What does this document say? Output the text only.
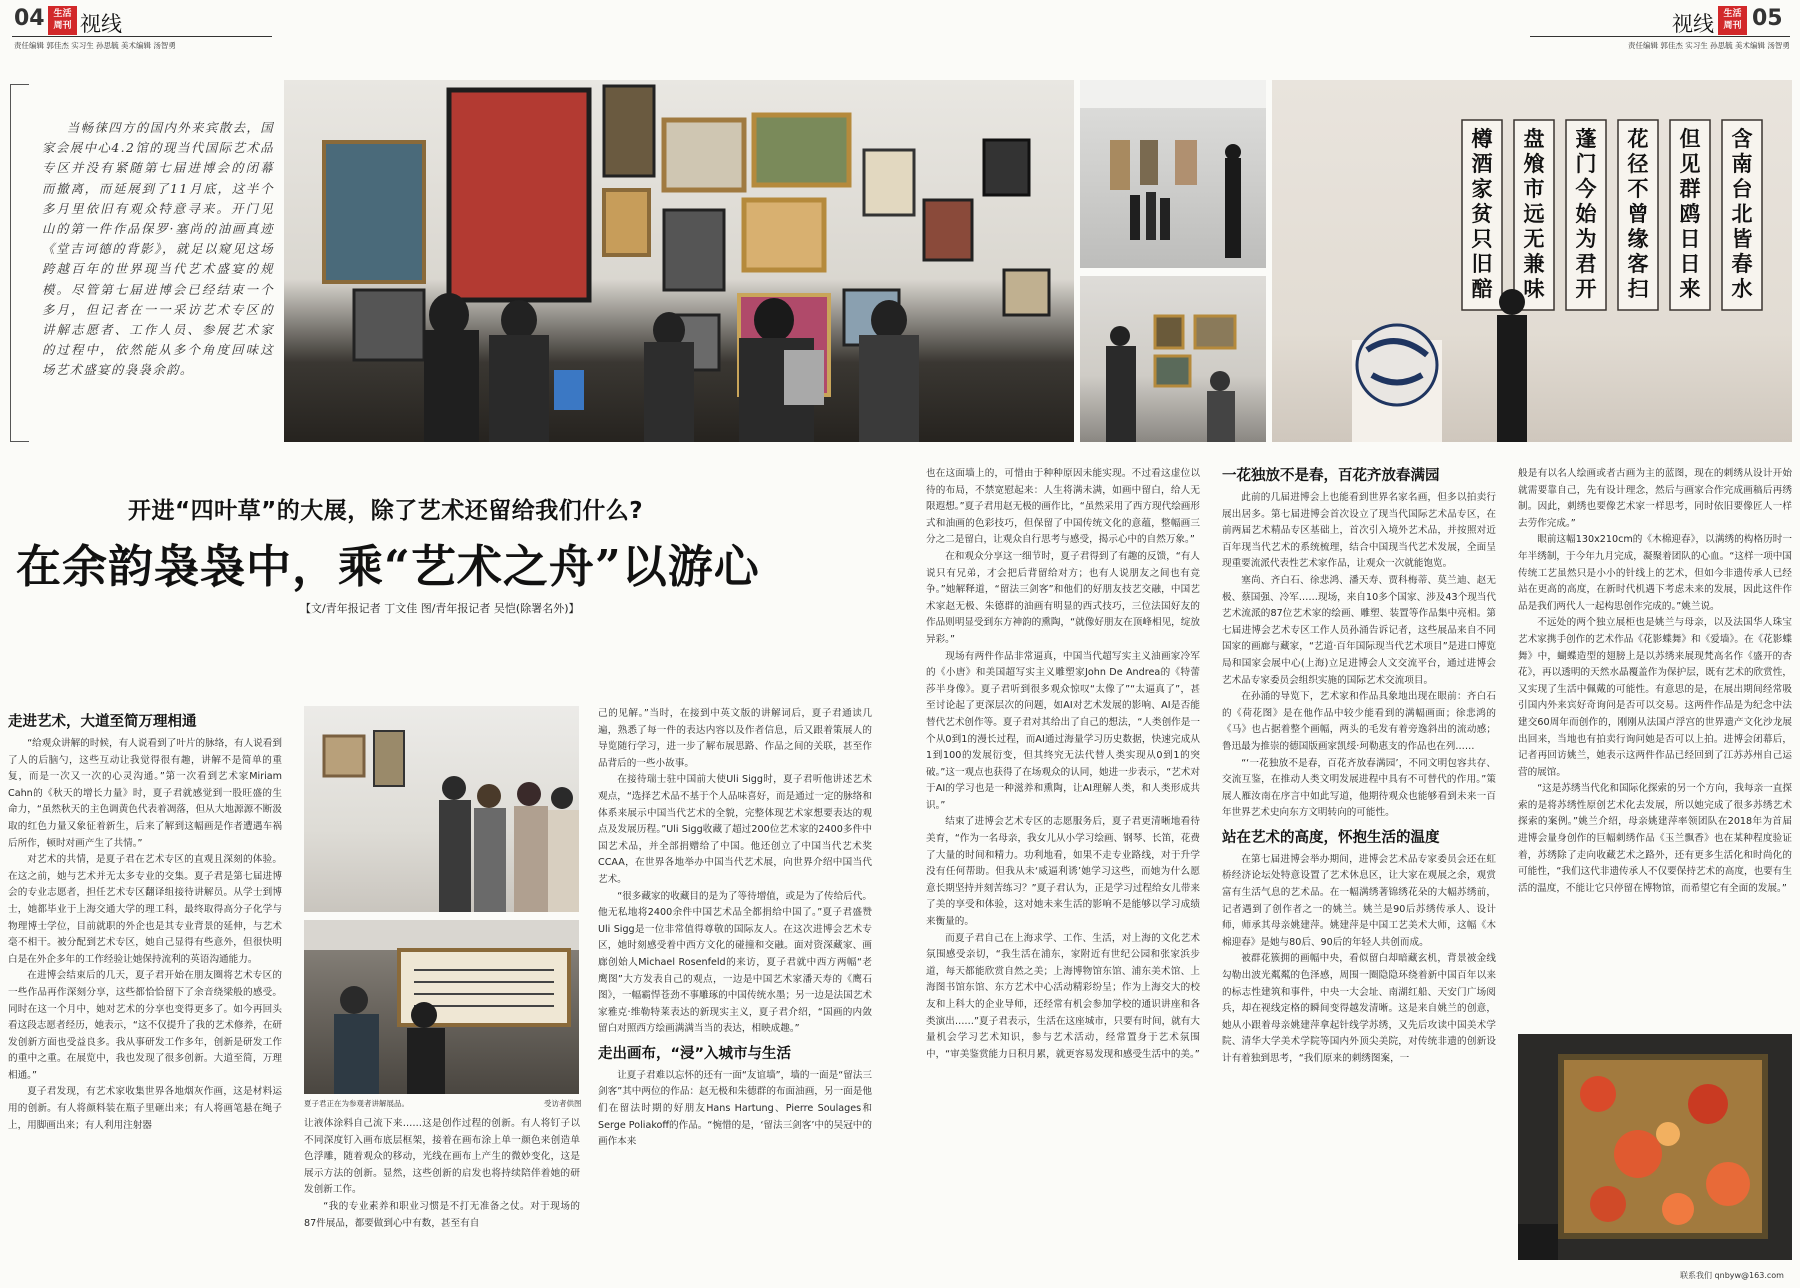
04 生活
周刊 视线
责任编辑 郭佳杰 实习生 孙思毓 美术编辑 汤智勇
视线	生活
周刊 05
责任编辑 郭佳杰 实习生 孙思毓 美术编辑 汤智勇
当畅徕四方的国内外来宾散去，国家会展中心4.2馆的现当代国际艺术品专区并没有紧随第七届进博会的闭幕而撤离，而延展到了11月底，这半个多月里依旧有观众特意寻来。开门见山的第一件作品保罗·塞尚的油画真迹《堂吉诃德的背影》，就足以窥见这场跨越百年的世界现当代艺术盛宴的规模。尽管第七届进博会已经结束一个多月，但记者在一一采访艺术专区的讲解志愿者、工作人员、参展艺术家的过程中，依然能从多个角度回味这场艺术盛宴的袅袅余韵。
含
南
台
北
皆
春
水
但
见
群
鸥
日
日
来
花
径
不
曾
缘
客
扫
蓬
门
今
始
为
君
开
盘
飧
市
远
无
兼
味
樽
酒
家
贫
只
旧
醅
开进“四叶草”的大展，除了艺术还留给我们什么?
在余韵袅袅中，乘“艺术之舟”以游心
【文/青年报记者 丁文佳 图/青年报记者 吴恺(除署名外)】
走进艺术，大道至简万理相通

“给观众讲解的时候，有人说看到了叶片的脉络，有人说看到了人的后脑勺，这些互动让我觉得很有趣，讲解不是简单的重复，而是一次又一次的心灵沟通。”第一次看到艺术家Miriam Cahn的《秋天的增长力量》时，夏子君就感觉到一股旺盛的生命力，“虽然秋天的主色调黄色代表着凋落，但从大地源源不断汲取的红色力量又象征着新生，后来了解到这幅画是作者遭遇车祸后所作，顿时对画产生了共情。”

对艺术的共情，是夏子君在艺术专区的直观且深刻的体验。在这之前，她与艺术并无太多专业的交集。夏子君是第七届进博会的专业志愿者，担任艺术专区翻译组接待讲解员。从学士到博士，她都毕业于上海交通大学的理工科，最终取得高分子化学与物理博士学位，目前就职的外企也是其专业背景的延伸，与艺术毫不相干。被分配到艺术专区，她自己显得有些意外，但很快明白是在外企多年的工作经验让她保持流利的英语沟通能力。

在进博会结束后的几天，夏子君开始在朋友圈将艺术专区的一些作品再作深刻分享，这些都恰恰留下了余音绕梁般的感受。同时在这一个月中，她对艺术的分享也变得更多了。如今再回头看这段志愿者经历，她表示，“这不仅提升了我的艺术修养，在研发创新方面也受益良多。我从事研发工作多年，创新是研发工作的重中之重。在展览中，我也发现了很多创新。大道至简，万理相通。”

夏子君发现，有艺术家收集世界各地烟灰作画，这是材料运用的创新。有人将颜料装在瓶子里砸出来；有人将画笔悬在绳子上，用脚画出来；有人利用注射器

夏子君正在为参观者讲解展品。	受访者供图

让液体涂料自己流下来……这是创作过程的创新。有人将钉子以不同深度钉入画布底层框架，接着在画布涂上单一颜色来创造单色浮雕，随着观众的移动，光线在画布上产生的微妙变化，这是展示方法的创新。显然，这些创新的启发也将持续陪伴着她的研发创新工作。

“我的专业素养和职业习惯是不打无准备之仗。对于现场的87件展品，都要做到心中有数，甚至有自

己的见解。”当时，在接到中英文版的讲解词后，夏子君通读几遍，熟悉了每一件的表达内容以及作者信息，后又跟着策展人的导览随行学习，进一步了解布展思路、作品之间的关联，甚至作品背后的一些小故事。

在接待瑞士驻中国前大使Uli Sigg时，夏子君听他讲述艺术观点，“选择艺术品不基于个人品味喜好，而是通过一定的脉络和体系来展示中国当代艺术的全貌，完整体现艺术家想要表达的观点及发展历程。”Uli Sigg收藏了超过200位艺术家的2400多件中国艺术品，并全部捐赠给了中国。他还创立了中国当代艺术奖CCAA，在世界各地举办中国当代艺术展，向世界介绍中国当代艺术。

“很多藏家的收藏目的是为了等待增值，或是为了传给后代。他无私地将2400余件中国艺术品全都捐给中国了。”夏子君盛赞Uli Sigg是一位非常值得尊敬的国际友人。在这次进博会艺术专区，她时刻感受着中西方文化的碰撞和交融。面对资深藏家、画廊创始人Michael Rosenfeld的来访，夏子君就中西方两幅“老鹰图”大方发表自己的观点，一边是中国艺术家潘天寿的《鹰石图》，一幅霸悍苍劲不事雕琢的中国传统水墨；另一边是法国艺术家雅克·维勒特莱表达的新现实主义，夏子君介绍，“国画的内敛留白对照西方绘画满满当当的表达，相映成趣。”

走出画布，“浸”入城市与生活

让夏子君难以忘怀的还有一面“友谊墙”，墙的一面是“留法三剑客”其中两位的作品：赵无极和朱德群的布面油画，另一面是他们在留法时期的好朋友Hans Hartung、Pierre Soulages和Serge Poliakoff的作品。“惋惜的是，‘留法三剑客’中的吴冠中的画作本来

也在这面墙上的，可惜由于种种原因未能实现。不过看这虚位以待的布局，不禁宽慰起来：人生将满未满，如画中留白，给人无限遐想。”夏子君用赵无极的画作比，“虽然采用了西方现代绘画形式和油画的色彩技巧，但保留了中国传统文化的意蕴，整幅画三分之二是留白，让观众自行思考与感受，揭示心中的自然万象。”

在和观众分享这一细节时，夏子君得到了有趣的反馈，“有人说只有兄弟，才会把后背留给对方；也有人说朋友之间也有竞争。”她解释道，“留法三剑客”和他们的好朋友技艺交融，中国艺术家赵无极、朱德群的油画有明显的西式技巧，三位法国好友的作品则明显受到东方神韵的熏陶，“就像好朋友在顶峰相见，绽放异彩。”

现场有两件作品非常逼真，中国当代超写实主义油画家冷军的《小唐》和美国超写实主义雕塑家John De Andrea的《特蕾莎半身像》。夏子君听到很多观众惊叹“太像了”“太逼真了”，甚至讨论起了更深层次的问题，如AI对艺术发展的影响、AI是否能替代艺术创作等。夏子君对其给出了自己的想法，“人类创作是一个从0到1的漫长过程，而AI通过海量学习历史数据，快速完成从1到100的发展衍变，但其终究无法代替人类实现从0到1的突破。”这一观点也获得了在场观众的认同，她进一步表示，“艺术对于AI的学习也是一种滋养和熏陶，让AI理解人类，和人类形成共识。”

结束了进博会艺术专区的志愿服务后，夏子君更清晰地看待美育，“作为一名母亲，我女儿从小学习绘画、钢琴、长笛，花费了大量的时间和精力。功利地看，如果不走专业路线，对于升学没有任何帮助。但我从未‘威逼利诱’她学习这些，而她为什么愿意长期坚持并刻苦练习？”夏子君认为，正是学习过程给女儿带来了美的享受和体验，这对她未来生活的影响不是能够以学习成绩来衡量的。

而夏子君自己在上海求学、工作、生活，对上海的文化艺术氛围感受亲切，“我生活在浦东，家附近有世纪公园和张家浜步道，每天都能欣赏自然之美；上海博物馆东馆、浦东美术馆、上海图书馆东馆、东方艺术中心活动精彩纷呈；作为上海交大的校友和上科大的企业导师，还经常有机会参加学校的通识讲座和各类演出……”夏子君表示，生活在这座城市，只要有时间，就有大量机会学习艺术知识，参与艺术活动，经常置身于艺术氛围中，“审美鉴赏能力日积月累，就更容易发现和感受生活中的美。”

一花独放不是春，百花齐放春满园

此前的几届进博会上也能看到世界名家名画，但多以拍卖行展出居多。第七届进博会首次设立了现当代国际艺术品专区，在前两届艺术精品专区基础上，首次引入境外艺术品，并按照对近百年现当代艺术的系统梳理，结合中国现当代艺术发展，全面呈现重要流派代表性艺术家作品，让观众一次就能饱览。

塞尚、齐白石、徐悲鸿、潘天寿、贾科梅蒂、莫兰迪、赵无极、蔡国强、冷军……现场，来自10多个国家、涉及43个现当代艺术流派的87位艺术家的绘画、雕塑、装置等作品集中亮相。第七届进博会艺术专区工作人员孙涌告诉记者，这些展品来自不同国家的画廊与藏家，“艺道·百年国际现当代艺术项目”是进口博览局和国家会展中心(上海)立足进博会人文交流平台，通过进博会艺术品专家委员会组织实施的国际艺术交流项目。

在孙涌的导览下，艺术家和作品具象地出现在眼前：齐白石的《荷花图》是在他作品中较少能看到的满幅画面；徐悲鸿的《马》也占据着整个画幅，两头的毛发有着旁逸斜出的流动感；鲁迅最为推崇的德国版画家凯绥·珂勒惠支的作品也在列……

“‘一花独放不是春，百花齐放春满园’，不同文明包容共存、交流互鉴，在推动人类文明发展进程中具有不可替代的作用。”策展人雁汝南在序言中如此写道，他期待观众也能够看到未来一百年世界艺术史向东方文明转向的可能性。

站在艺术的高度，怀抱生活的温度

在第七届进博会举办期间，进博会艺术品专家委员会还在虹桥经济论坛处特意设置了艺术休息区，让大家在观展之余，观赏富有生活气息的艺术品。在一幅满绣著锦绣花朵的大幅苏绣前，记者遇到了创作者之一的姚兰。姚兰是90后苏绣传承人、设计师，师承其母亲姚建萍。姚建萍是中国工艺美术大师，这幅《木棉迎春》是她与80后、90后的年轻人共创而成。

被群花簇拥的画幅中央，看似留白却暗藏玄机，背景被金线勾勒出波光粼粼的色泽感，周围一圈隐隐环绕着新中国百年以来的标志性建筑和事件，中央一大会址、南湖红船、天安门广场阅兵，却在视线定格的瞬间变得越发清晰。这是来自姚兰的创意，她从小跟着母亲姚建萍拿起针线学苏绣，又先后攻读中国美术学院、清华大学美术学院等国内外顶尖美院，对传统非遗的创新设计有着独到思考，“我们原来的刺绣图案，一

般是有以名人绘画或者古画为主的蓝图，现在的刺绣从设计开始就需要靠自己，先有设计理念，然后与画家合作完成画稿后再绣制。因此，刺绣也要像艺术家一样思考，同时依旧要像匠人一样去劳作完成。”

眼前这幅130x210cm的《木棉迎春》，以满绣的构格历时一年半绣制，于今年九月完成，凝聚着团队的心血。“这样一项中国传统工艺虽然只是小小的针线上的艺术，但如今非遗传承人已经站在更高的高度，在新时代机遇下考虑未来的发展，因此这件作品是我们两代人一起构思创作完成的。”姚兰说。

不远处的两个独立展柜也是姚兰与母亲，以及法国华人珠宝艺术家携手创作的艺术作品《花影蝶舞》和《爱墙》。在《花影蝶舞》中，蝴蝶造型的翅膀上是以苏绣来展现梵高名作《盛开的杏花》，再以透明的天然水晶覆盖作为保护层，既有艺术的欣赏性，又实现了生活中佩戴的可能性。有意思的是，在展出期间经常吸引国内外来宾好奇询问是否可以交易。这两件作品是为纪念中法建交60周年而创作的，刚刚从法国卢浮宫的世界遗产文化沙龙展出回来，当地也有拍卖行询问她是否可以上拍。进博会闭幕后，记者再回访姚兰，她表示这两件作品已经回到了江苏苏州自己运营的展馆。

“这是苏绣当代化和国际化探索的另一个方向，我每亲一直探索的是将苏绣性原创艺术化去发展，所以她完成了很多苏绣艺术探索的案例。”姚兰介绍，母亲姚建萍率领团队在2018年为首届进博会量身创作的巨幅刺绣作品《玉兰飘香》也在某种程度验证着，苏绣除了走向收藏艺术之路外，还有更多生活化和时尚化的可能性，“我们这代非遗传承人不仅要保持艺术的高度，也要有生活的温度，不能让它只停留在博物馆，而希望它有全面的发展。”

联系我们 qnbyw@163.com
